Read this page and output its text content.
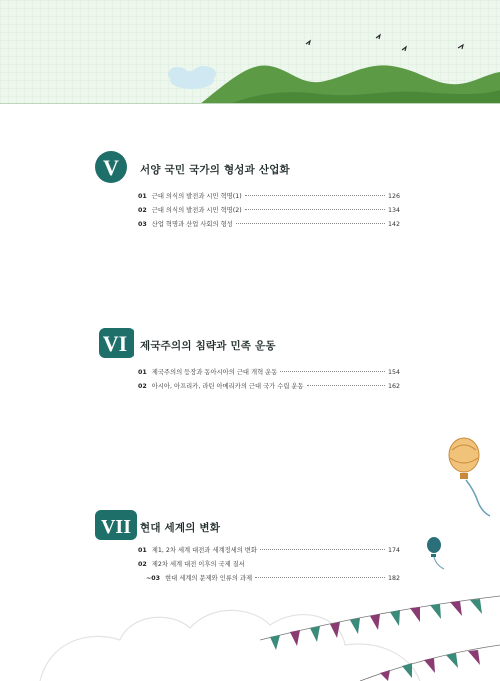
V 서양 국민 국가의 형성과 산업화
01 근대 의식의 발전과 시민 혁명(1)	126
02 근대 의식의 발전과 시민 혁명(2)	134
03 산업 혁명과 산업 사회의 형성	142
VI 제국주의의 침략과 민족 운동
01 제국주의의 등장과 동아시아의 근대 개혁 운동	154
02 아시아, 아프리카, 라틴 아메리카의 근대 국가 수립 운동	162
VII 현대 세계의 변화
01 제1, 2차 세계 대전과 세계정세의 변화	174
02 제2차 세계 대전 이후의 국제 질서
~03 현대 세계의 문제와 인류의 과제	182
